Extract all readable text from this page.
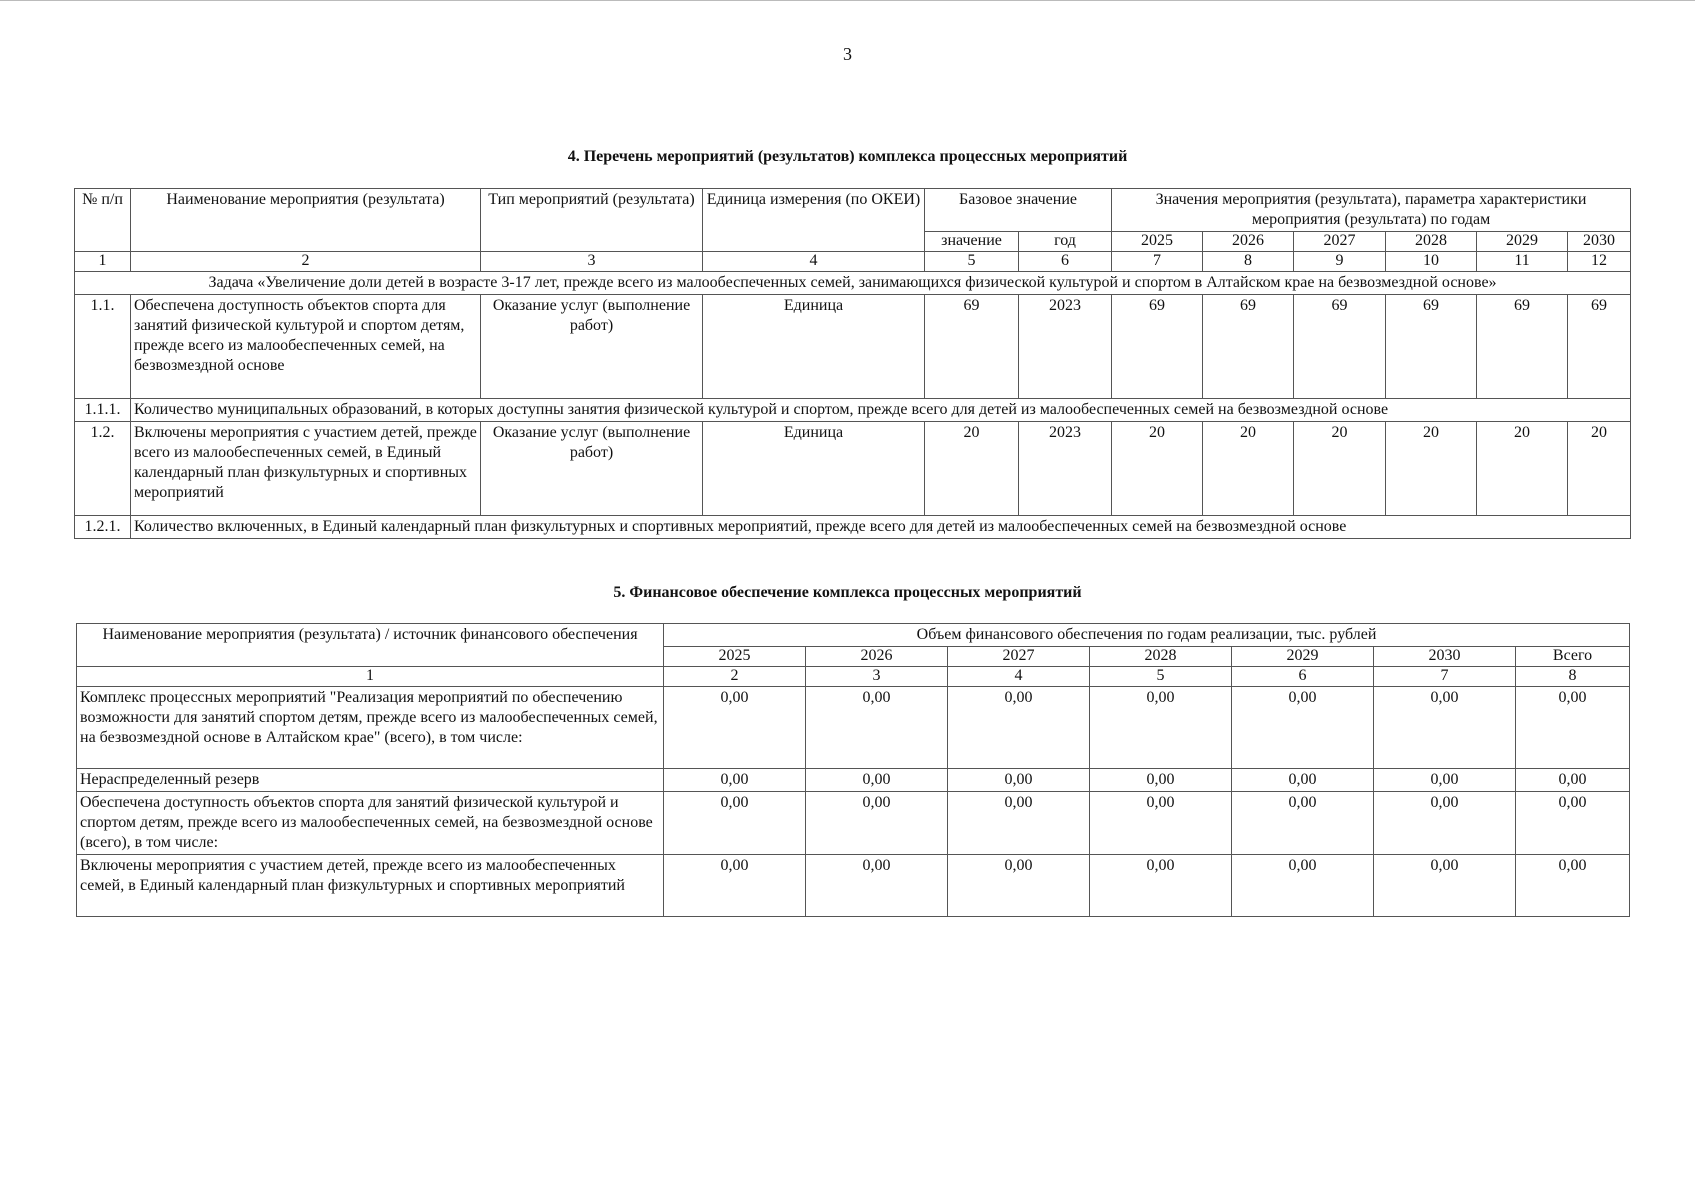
3
4. Перечень мероприятий (результатов) комплекса процессных мероприятий
№ п/п	Наименование мероприятия (результата)	Тип мероприятий (результата)	Единица измерения (по ОКЕИ)	Базовое значение		Значения мероприятия (результата), параметра характеристики мероприятия (результата) по годам					
				значение	год	2025	2026	2027	2028	2029	2030
1	2	3	4	5	6	7	8	9	10	11	12
Задача «Увеличение доли детей в возрасте 3-17 лет, прежде всего из малообеспеченных семей, занимающихся физической культурой и спортом в Алтайском крае на безвозмездной основе»											
1.1.	Обеспечена доступность объектов спорта для занятий физической культурой и спортом детям, прежде всего из малообеспеченных семей, на безвозмездной основе	Оказание услуг (выполнение работ)	Единица	69	2023	69	69	69	69	69	69
1.1.1.	Количество муниципальных образований, в которых доступны занятия физической культурой и спортом, прежде всего для детей из малообеспеченных семей на безвозмездной основе										
1.2.	Включены мероприятия с участием детей, прежде всего из малообеспеченных семей, в Единый календарный план физкультурных и спортивных мероприятий	Оказание услуг (выполнение работ)	Единица	20	2023	20	20	20	20	20	20
1.2.1.	Количество включенных, в Единый календарный план физкультурных и спортивных мероприятий, прежде всего для детей из малообеспеченных семей на безвозмездной основе										
5. Финансовое обеспечение комплекса процессных мероприятий
Наименование мероприятия (результата) / источник финансового обеспечения	Объем финансового обеспечения по годам реализации, тыс. рублей						
	2025	2026	2027	2028	2029	2030	Всего
1	2	3	4	5	6	7	8
Комплекс процессных мероприятий "Реализация мероприятий по обеспечению возможности для занятий спортом детям, прежде всего из малообеспеченных семей, на безвозмездной основе в Алтайском крае" (всего), в том числе:	0,00	0,00	0,00	0,00	0,00	0,00	0,00
Нераспределенный резерв	0,00	0,00	0,00	0,00	0,00	0,00	0,00
Обеспечена доступность объектов спорта для занятий физической культурой и спортом детям, прежде всего из малообеспеченных семей, на безвозмездной основе (всего), в том числе:	0,00	0,00	0,00	0,00	0,00	0,00	0,00
Включены мероприятия с участием детей, прежде всего из малообеспеченных семей, в Единый календарный план физкультурных и спортивных мероприятий	0,00	0,00	0,00	0,00	0,00	0,00	0,00
